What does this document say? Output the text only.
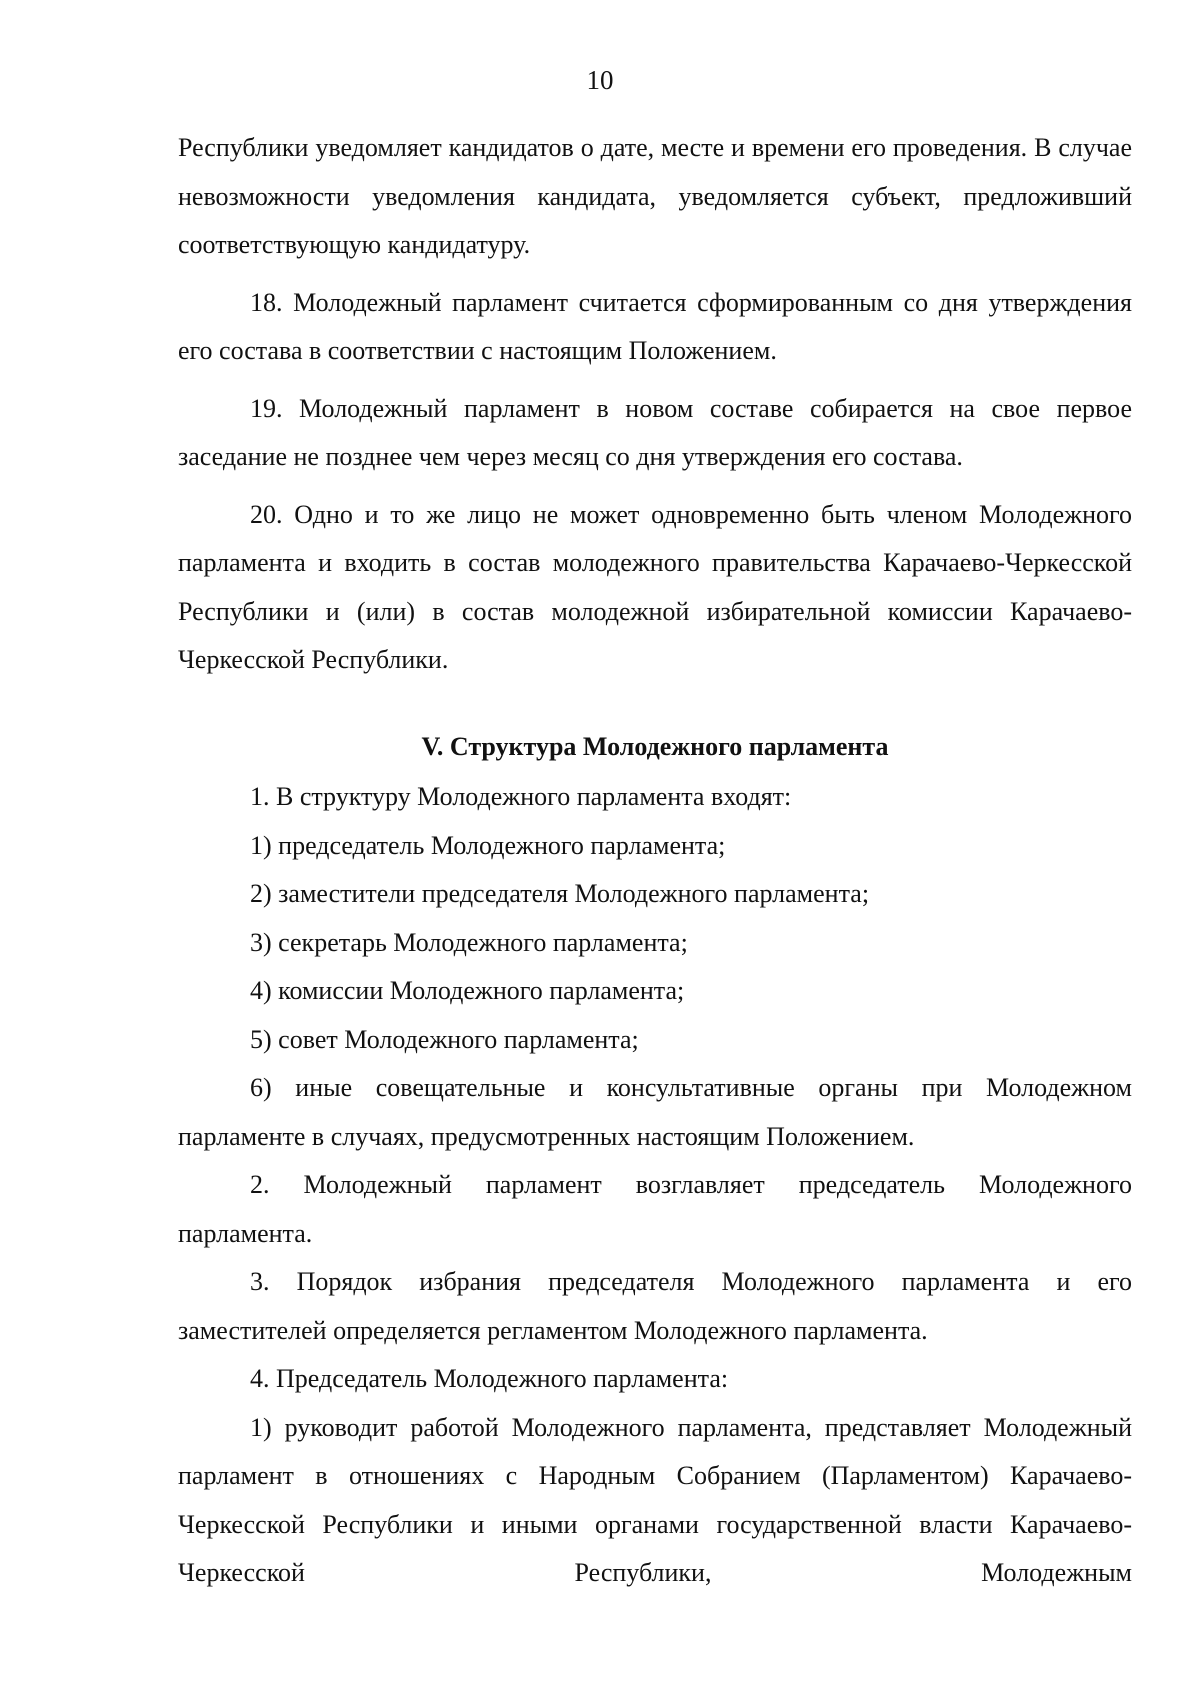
10

Республики уведомляет кандидатов о дате, месте и времени его проведения. В случае невозможности уведомления кандидата, уведомляется субъект, предложивший соответствующую кандидатуру.

18. Молодежный парламент считается сформированным со дня утверждения его состава в соответствии с настоящим Положением.

19. Молодежный парламент в новом составе собирается на свое первое заседание не позднее чем через месяц со дня утверждения его состава.

20. Одно и то же лицо не может одновременно быть членом Молодежного парламента и входить в состав молодежного правительства Карачаево-Черкесской Республики и (или) в состав молодежной избирательной комиссии Карачаево-Черкесской Республики.

V. Структура Молодежного парламента

1. В структуру Молодежного парламента входят:

1) председатель Молодежного парламента;

2) заместители председателя Молодежного парламента;

3) секретарь Молодежного парламента;

4) комиссии Молодежного парламента;

5) совет Молодежного парламента;

6) иные совещательные и консультативные органы при Молодежном парламенте в случаях, предусмотренных настоящим Положением.

2. Молодежный парламент возглавляет председатель Молодежного парламента.

3. Порядок избрания председателя Молодежного парламента и его заместителей определяется регламентом Молодежного парламента.

4. Председатель Молодежного парламента:

1) руководит работой Молодежного парламента, представляет Молодежный парламент в отношениях с Народным Собранием (Парламентом) Карачаево-Черкесской Республики и иными органами государственной власти Карачаево-Черкесской Республики, Молодежным
